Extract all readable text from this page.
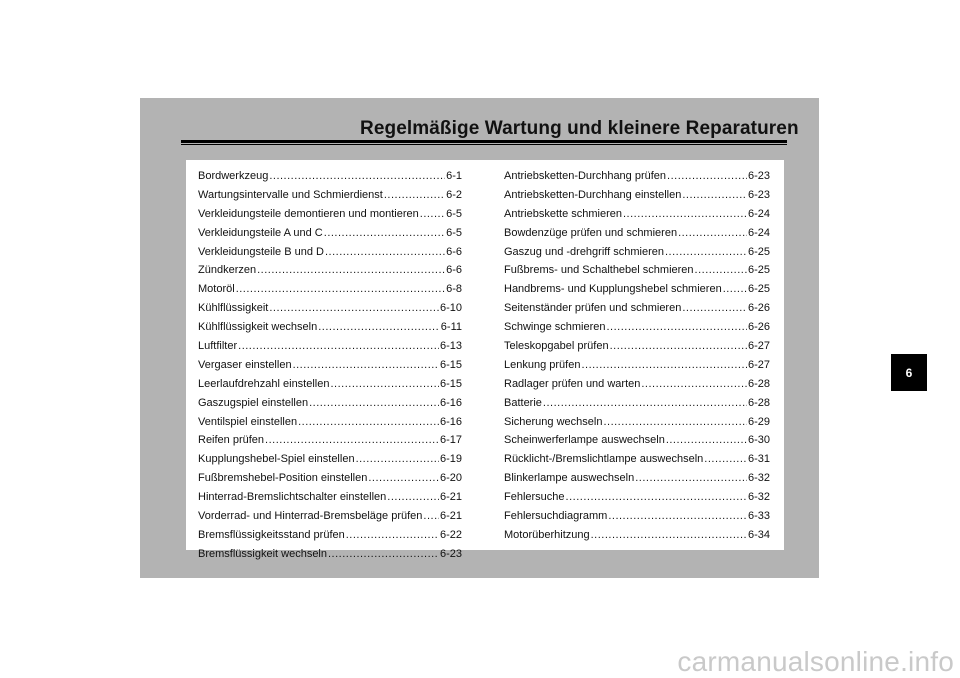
Regelmäßige Wartung und kleinere Reparaturen
Bordwerkzeug .....	6-1
Wartungsintervalle und Schmierdienst .....	6-2
Verkleidungsteile demontieren und montieren ..... 6-5
Verkleidungsteile A und C .....	6-5
Verkleidungsteile B und D .....	6-6
Zündkerzen .....	6-6
Motoröl .....	6-8
Kühlflüssigkeit .....	6-10
Kühlflüssigkeit wechseln .....	6-11
Luftfilter .....	6-13
Vergaser einstellen .....	6-15
Leerlaufdrehzahl einstellen .....	6-15
Gaszugspiel einstellen .....	6-16
Ventilspiel einstellen .....	6-16
Reifen prüfen .....	6-17
Kupplungshebel-Spiel einstellen .....	6-19
Fußbremshebel-Position einstellen .....	6-20
Hinterrad-Bremslichtschalter einstellen .....	6-21
Vorderrad- und Hinterrad-Bremsbeläge prüfen ..... 6-21
Bremsflüssigkeitsstand prüfen .....	6-22
Bremsflüssigkeit wechseln .....	6-23
Antriebsketten-Durchhang prüfen .....	6-23
Antriebsketten-Durchhang einstellen .....	6-23
Antriebskette schmieren .....	6-24
Bowdenzüge prüfen und schmieren .....	6-24
Gaszug und -drehgriff schmieren .....	6-25
Fußbrems- und Schalthebel schmieren .....	6-25
Handbrems- und Kupplungshebel schmieren ..... 6-25
Seitenständer prüfen und schmieren .....	6-26
Schwinge schmieren .....	6-26
Teleskopgabel prüfen .....	6-27
Lenkung prüfen .....	6-27
Radlager prüfen und warten .....	6-28
Batterie .....	6-28
Sicherung wechseln .....	6-29
Scheinwerferlampe auswechseln .....	6-30
Rücklicht-/Bremslichtlampe auswechseln .....	6-31
Blinkerlampe auswechseln .....	6-32
Fehlersuche .....	6-32
Fehlersuchdiagramm .....	6-33
Motorüberhitzung .....	6-34
6
carmanualsonline.info
